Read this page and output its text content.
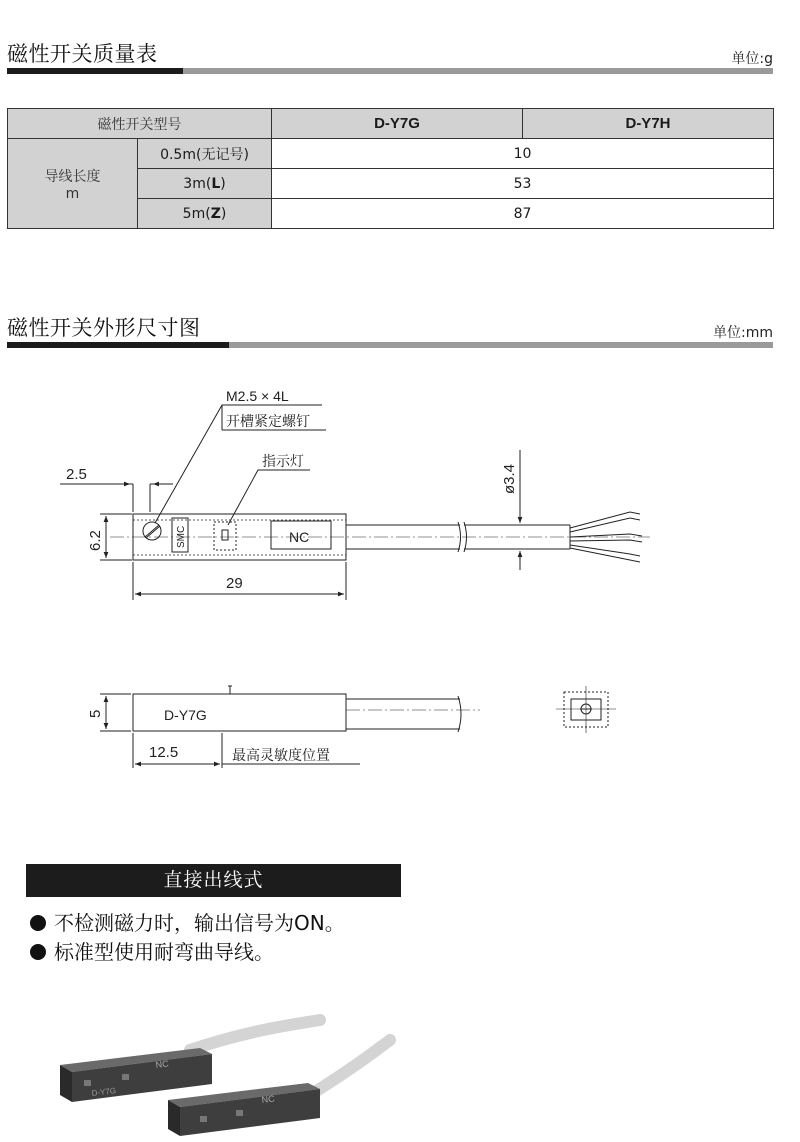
磁性开关质量表	单位:g
磁性开关型号		D-Y7G	D-Y7H

导线长度
m	0.5m(无记号)	10	
	3m(L)	53	
	5m(Z)	87	
磁性开关外形尺寸图	单位:mm
M2.5 × 4L
开槽紧定螺钉
指示灯
2.5
6.2
29
ø3.4
SMC	NC
5	D-Y7G
12.5	最高灵敏度位置
直接出线式
不检测磁力时，输出信号为ON。
标准型使用耐弯曲导线。
D-Y7G
NC
NC
